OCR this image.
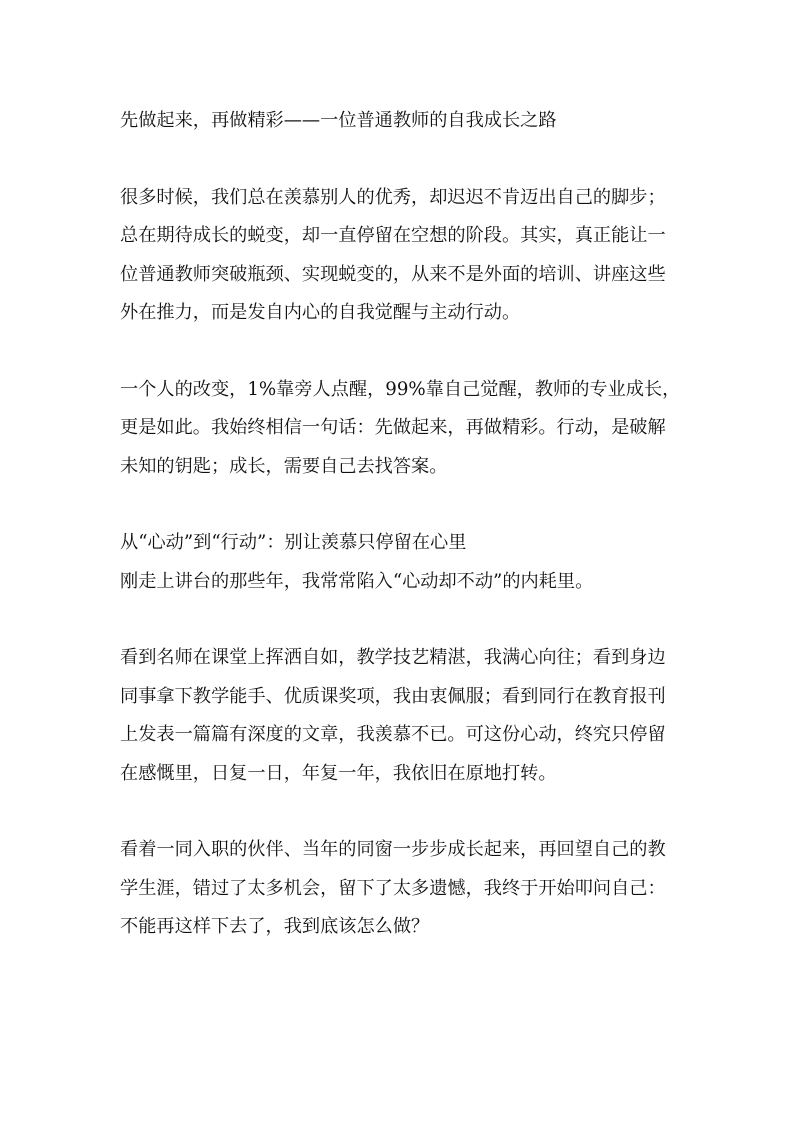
先做起来，再做精彩——一位普通教师的自我成长之路
很多时候，我们总在羡慕别人的优秀，却迟迟不肯迈出自己的脚步；
总在期待成长的蜕变，却一直停留在空想的阶段。其实，真正能让一
位普通教师突破瓶颈、实现蜕变的，从来不是外面的培训、讲座这些
外在推力，而是发自内心的自我觉醒与主动行动。
一个人的改变，1%靠旁人点醒，99%靠自己觉醒，教师的专业成长，
更是如此。我始终相信一句话：先做起来，再做精彩。行动，是破解
未知的钥匙；成长，需要自己去找答案。
从“心动”到“行动”：别让羡慕只停留在心里
刚走上讲台的那些年，我常常陷入“心动却不动”的内耗里。
看到名师在课堂上挥洒自如，教学技艺精湛，我满心向往；看到身边
同事拿下教学能手、优质课奖项，我由衷佩服；看到同行在教育报刊
上发表一篇篇有深度的文章，我羡慕不已。可这份心动，终究只停留
在感慨里，日复一日，年复一年，我依旧在原地打转。
看着一同入职的伙伴、当年的同窗一步步成长起来，再回望自己的教
学生涯，错过了太多机会，留下了太多遗憾，我终于开始叩问自己：
不能再这样下去了，我到底该怎么做？
